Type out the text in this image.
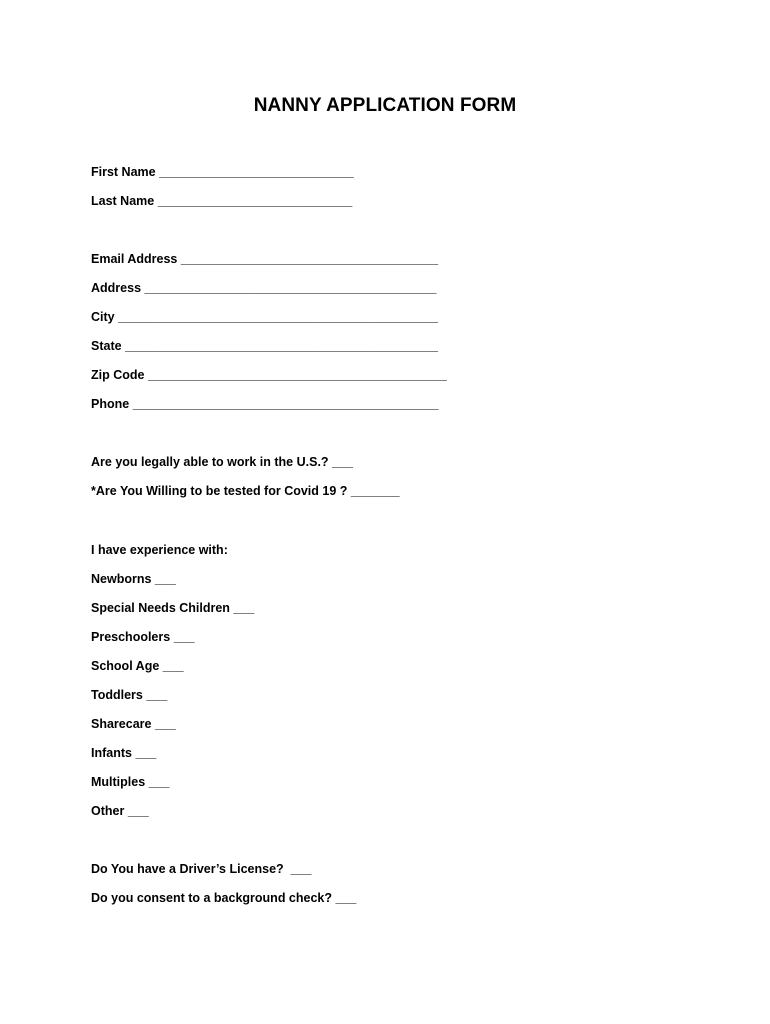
NANNY APPLICATION FORM
First Name ____________________________
Last Name ____________________________
Email Address _____________________________________
Address __________________________________________
City ______________________________________________
State _____________________________________________
Zip Code ___________________________________________
Phone ____________________________________________
Are you legally able to work in the U.S.? ___
*Are You Willing to be tested for Covid 19 ? _______
I have experience with:
Newborns ___
Special Needs Children ___
Preschoolers ___
School Age ___
Toddlers ___
Sharecare ___
Infants ___
Multiples ___
Other ___
Do You have a Driver’s License? ___
Do you consent to a background check? ___
